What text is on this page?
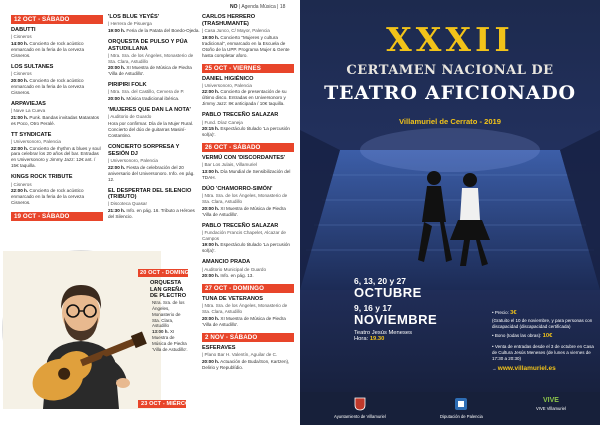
NO | Agenda Música | 18
12 OCT - SÁBADO
DABUTTI
| Cisneros
14:00 h. Concierto de rock acústico enmarcado en la feria de la cerveza Cisneros.
LOS SULTANES
| Cisneros
20:00 h. Concierto de rock acústico enmarcado en la feria de la cerveza Cisneros.
ARPAVIEJAS
| Nave La Cueva
21:00 h. Punk. Bandas invitadas Mataratos es Poco, Otro Peralé.
TT SYNDICATE
| Universonoro, Palencia
22:00 h. Concierto de rhythm & blues y soul para celebrar los 20 años del bar. Entradas en Universonoro y Jimmy Jazz: 12€ ant. / 15€ taquilla.
KINGS ROCK TRIBUTE
| Cisneros
22:00 h. Concierto de rock acústico enmarcado en la feria de la cerveza Cisneros.
19 OCT - SÁBADO
'LOS BLUE YEYÉS'
| Herrera de Pisuerga
19:00 h. Feria de la Patata del Boedo-Ojeda.
ORQUESTA DE PULSO Y PÚA ASTUDILLANA
| Ntra. Sra. de los Ángeles, Monasterio de Sta. Clara, Astudillo
20:00 h. XI Muestra de Música de Piedra 'Villa de Astudillo'.
PIRIPIRI FOLK
| Ntra. Sra. del Castillo, Cervera de P.
20:00 h. Música tradicional ibérica.
'MUJERES QUE DAN LA NOTA'
| Auditorio de Guardo
Hora por confirmar. Día de la Mujer Rural. Concierto del dúo de guitarras Masiní-Costantino.
CONCIERTO SORPRESA Y SESIÓN DJ
| Universonoro, Palencia
22:00 h. Fiesta de celebración del 20 aniversario del Universonoro. Info. en pág. 12.
EL DESPERTAR DEL SILENCIO (TRIBUTO)
| Discoteca Quasar
21:30 h. Info. en pág. 16. Tributo a Héroes del Silencio.
CARLOS HERRERO (TRASHUMANTE)
| Casa Junco, C/ Mayor, Palencia
19:00 h. Concierto "Mujeres y cultura tradicional", enmarcado en la Escuela de Otoño de la UPP. Programa Mujer & Gente hasta completar aforo.
25 OCT - VIERNES
DANIEL HIGIÉNICO
| Universonoro, Palencia
22:00 h. Concierto de presentación de su último disco. Entradas en Universonoro y Jimmy Jazz: 8€ anticipada / 10€ taquilla.
PABLO TRECEÑO SALAZAR
| Fund. Díaz Caneja
20:15 h. Espectáculo titulado 'La percusión sol(a)'.
26 OCT - SÁBADO
VERMÚ CON 'DISCORDANTES'
| Bar Los Julais, Villamuriel
13:00 h. Día Mundial de Sensibilización del TDAH.
DÚO 'CHAMORRO-SIMÓN'
| Ntra. Sra. de los Ángeles, Monasterio de Sta. Clara, Astudillo
20:00 h. XI Muestra de Música de Piedra 'Villa de Astudillo'.
PABLO TRECEÑO SALAZAR
| Fundación Francis Chapelet, Alcazar de Campos
19:00 h. Espectáculo titulado 'La percusión sol(a)'.
AMANCIO PRADA
| Auditorio Municipal de Guardo
20:00 h. Info. en pág. 13.
27 OCT - DOMINGO
TUNA DE VETERANOS
| Ntra. Sra. de los Ángeles, Monasterio de Sta. Clara, Astudillo
20:00 h. XI Muestra de Música de Piedra 'Villa de Astudillo'.
2 NOV - SÁBADO
ESFERAVES
| Plano Bar H. Valentín, Aguilar de C.
20:00 h. Actuación de Buda/Son, Kartzen), Delirio y Republídio.
20 OCT - DOMINGO
ORQUESTA LAN GREÑA DE PLECTRO
Ntra. Sra. de los Ángeles, Monasterio de Sta. Clara, Astudillo
13:00 h. XI Muestra de Música de Piedra 'Villa de Astudillo'.
23 OCT - MIÉRCOLES
XXXII
CERTAMEN NACIONAL DE
TEATRO AFICIONADO
Villamuriel de Cerrato - 2019
6, 13, 20 y 27
OCTUBRE
9, 16 y 17
NOVIEMBRE
Teatro Jesús Meneses
Hora: 19.30
• Precio: 3€
(Gratuito el 10 de noviembre, y para personas con discapacidad (discapacidad certificada)
• Bono (todas las obras): 10€
• Venta de entradas desde el 3 de octubre en Casa de Cultura Jesús Meneses (de lunes a viernes de 17:30 a 20:30)
→ www.villamuriel.es
Ayuntamiento de Villamuriel	Diputación de Palencia
VIVE
VIVE Villamuriel
